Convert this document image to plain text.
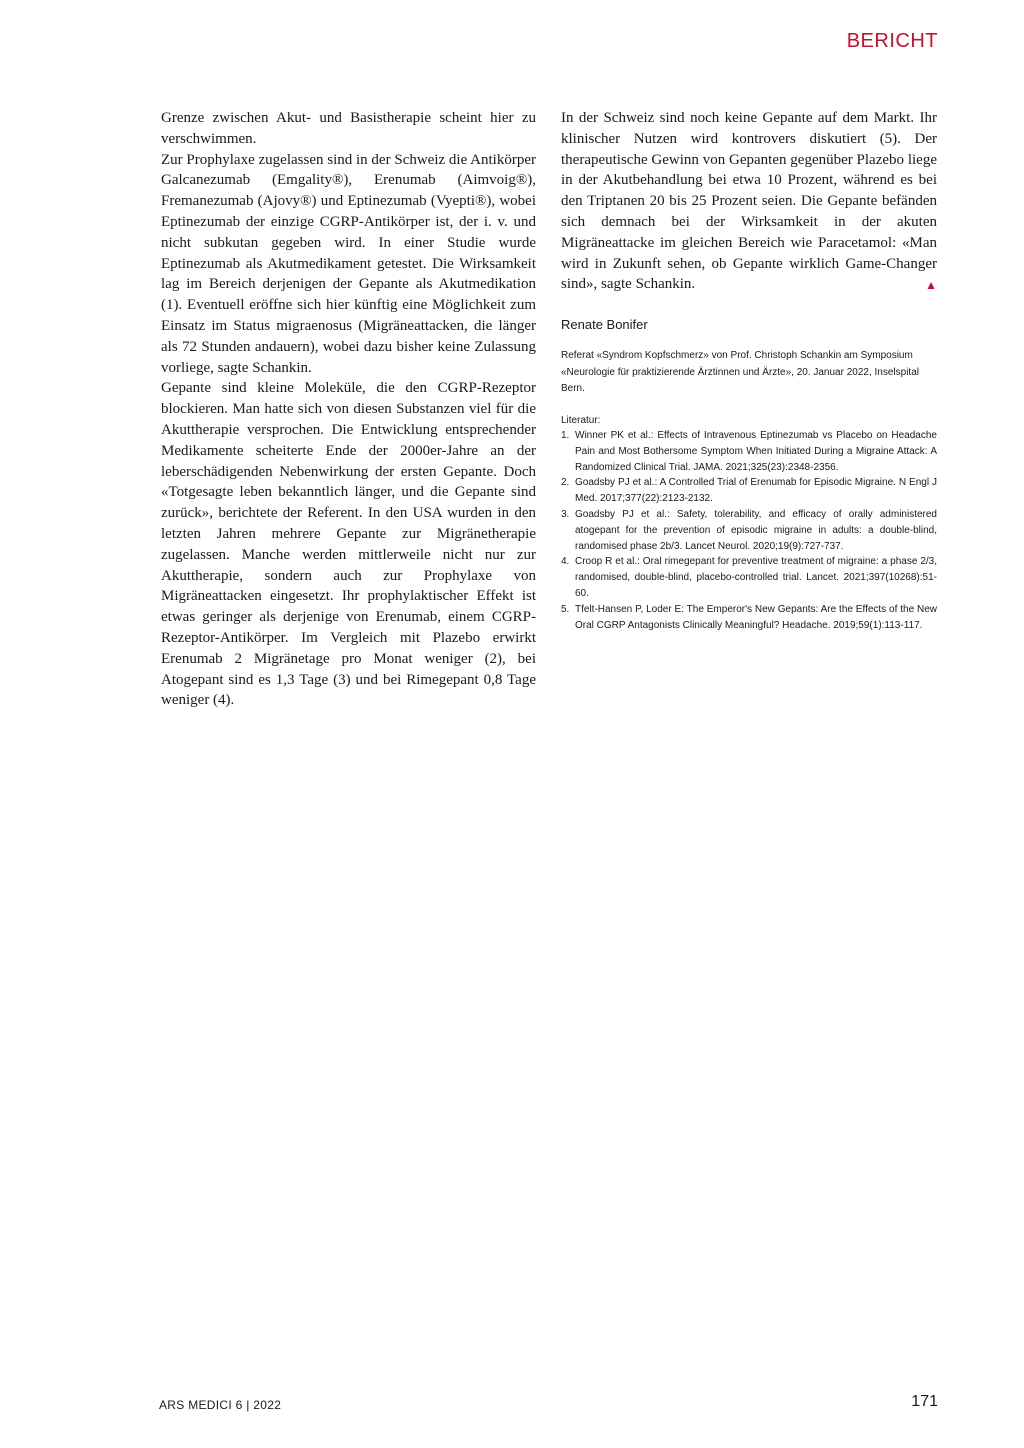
BERICHT

Grenze zwischen Akut- und Basistherapie scheint hier zu verschwimmen.

Zur Prophylaxe zugelassen sind in der Schweiz die Antikörper Galcanezumab (Emgality®), Erenumab (Aimvoig®), Fremanezumab (Ajovy®) und Eptinezumab (Vyepti®), wobei Eptinezumab der einzige CGRP-Antikörper ist, der i. v. und nicht subkutan gegeben wird. In einer Studie wurde Eptinezumab als Akutmedikament getestet. Die Wirksamkeit lag im Bereich derjenigen der Gepante als Akutmedikation (1). Eventuell eröffne sich hier künftig eine Möglichkeit zum Einsatz im Status migraenosus (Migräneattacken, die länger als 72 Stunden andauern), wobei dazu bisher keine Zulassung vorliege, sagte Schankin.

Gepante sind kleine Moleküle, die den CGRP-Rezeptor blockieren. Man hatte sich von diesen Substanzen viel für die Akuttherapie versprochen. Die Entwicklung entsprechender Medikamente scheiterte Ende der 2000er-Jahre an der leberschädigenden Nebenwirkung der ersten Gepante. Doch «Totgesagte leben bekanntlich länger, und die Gepante sind zurück», berichtete der Referent. In den USA wurden in den letzten Jahren mehrere Gepante zur Migränetherapie zugelassen. Manche werden mittlerweile nicht nur zur Akuttherapie, sondern auch zur Prophylaxe von Migräneattacken eingesetzt. Ihr prophylaktischer Effekt ist etwas geringer als derjenige von Erenumab, einem CGRP-Rezeptor-Antikörper. Im Vergleich mit Plazebo erwirkt Erenumab 2 Migränetage pro Monat weniger (2), bei Atogepant sind es 1,3 Tage (3) und bei Rimegepant 0,8 Tage weniger (4).

In der Schweiz sind noch keine Gepante auf dem Markt. Ihr klinischer Nutzen wird kontrovers diskutiert (5). Der therapeutische Gewinn von Gepanten gegenüber Plazebo liege in der Akutbehandlung bei etwa 10 Prozent, während es bei den Triptanen 20 bis 25 Prozent seien. Die Gepante befänden sich demnach bei der Wirksamkeit in der akuten Migräneattacke im gleichen Bereich wie Paracetamol: «Man wird in Zukunft sehen, ob Gepante wirklich Game-Changer sind», sagte Schankin.	▲

Renate Bonifer

Referat «Syndrom Kopfschmerz» von Prof. Christoph Schankin am Symposium «Neurologie für praktizierende Ärztinnen und Ärzte», 20. Januar 2022, Inselspital Bern.

Literatur:
1. Winner PK et al.: Effects of Intravenous Eptinezumab vs Placebo on Headache Pain and Most Bothersome Symptom When Initiated During a Migraine Attack: A Randomized Clinical Trial. JAMA. 2021;325(23):2348-2356.
2. Goadsby PJ et al.: A Controlled Trial of Erenumab for Episodic Migraine. N Engl J Med. 2017;377(22):2123-2132.
3. Goadsby PJ et al.: Safety, tolerability, and efficacy of orally administered atogepant for the prevention of episodic migraine in adults: a double-blind, randomised phase 2b/3. Lancet Neurol. 2020;19(9):727-737.
4. Croop R et al.: Oral rimegepant for preventive treatment of migraine: a phase 2/3, randomised, double-blind, placebo-controlled trial. Lancet. 2021;397(10268):51-60.
5. Tfelt-Hansen P, Loder E: The Emperor's New Gepants: Are the Effects of the New Oral CGRP Antagonists Clinically Meaningful? Headache. 2019;59(1):113-117.
ARS MEDICI 6 | 2022	171
